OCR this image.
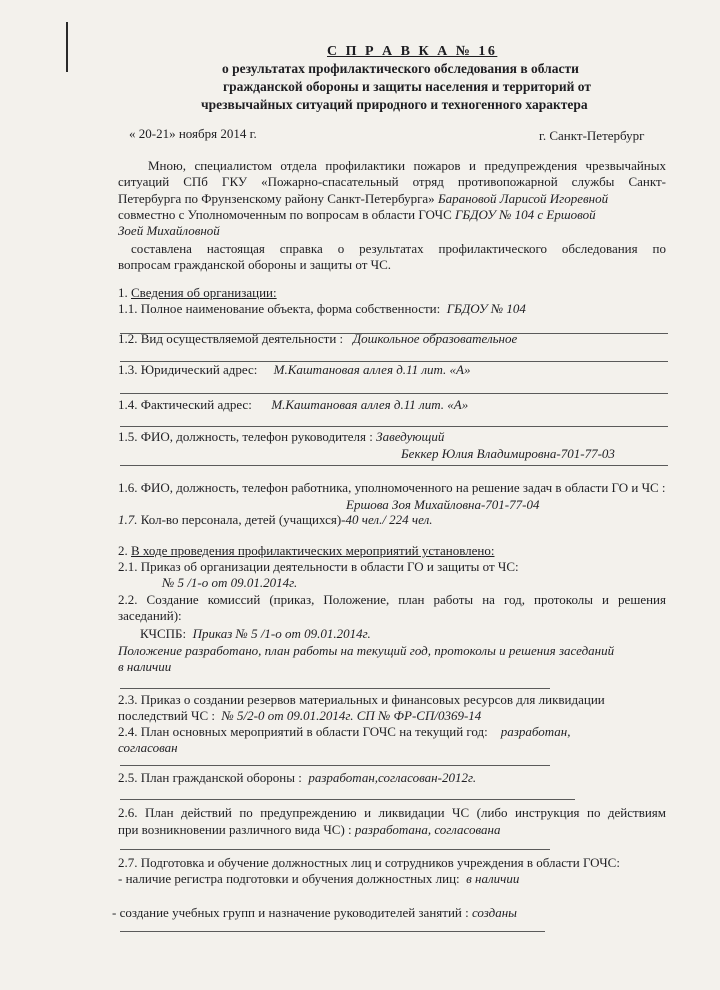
С П Р А В К А № 16
о результатах профилактического обследования в области
гражданской обороны и защиты населения и территорий от
чрезвычайных ситуаций природного и техногенного характера
« 20-21» ноября 2014 г.	г. Санкт-Петербург
Мною, специалистом отдела профилактики пожаров и предупреждения чрезвычайных
ситуаций СПб ГКУ «Пожарно-спасательный отряд противопожарной службы Санкт-
Петербурга по Фрунзенскому району Санкт-Петербурга» Барановой Ларисой Игоревной
совместно с Уполномоченным по вопросам в области ГОЧС ГБДОУ № 104 с Ершовой
Зоей Михайловной
составлена настоящая справка о результатах профилактического обследования по
вопросам гражданской обороны и защиты от ЧС.
1. Сведения об организации:
1.1. Полное наименование объекта, форма собственности: ГБДОУ № 104
1.2. Вид осуществляемой деятельности : Дошкольное образовательное
1.3. Юридический адрес: М.Каштановая аллея д.11 лит. «А»
1.4. Фактический адрес: М.Каштановая аллея д.11 лит. «А»
1.5. ФИО, должность, телефон руководителя : Заведующий
Беккер Юлия Владимировна-701-77-03
1.6. ФИО, должность, телефон работника, уполномоченного на решение задач в области ГО и ЧС :
Ершова Зоя Михайловна-701-77-04
1.7. Кол-во персонала, детей (учащихся)-40 чел./ 224 чел.
2. В ходе проведения профилактических мероприятий установлено:
2.1. Приказ об организации деятельности в области ГО и защиты от ЧС:
№ 5 /1-о от 09.01.2014г.
2.2. Создание комиссий (приказ, Положение, план работы на год, протоколы и решения
заседаний):
КЧСПБ: Приказ № 5 /1-о от 09.01.2014г.
Положение разработано, план работы на текущий год, протоколы и решения заседаний
в наличии
2.3. Приказ о создании резервов материальных и финансовых ресурсов для ликвидации
последствий ЧС : № 5/2-0 от 09.01.2014г. СП № ФР-СП/0369-14
2.4. План основных мероприятий в области ГОЧС на текущий год: разработан,
согласован
2.5. План гражданской обороны : разработан,согласован-2012г.
2.6. План действий по предупреждению и ликвидации ЧС (либо инструкция по действиям
при возникновении различного вида ЧС) : разработана, согласована
2.7. Подготовка и обучение должностных лиц и сотрудников учреждения в области ГОЧС:
- наличие регистра подготовки и обучения должностных лиц: в наличии
- создание учебных групп и назначение руководителей занятий : созданы
